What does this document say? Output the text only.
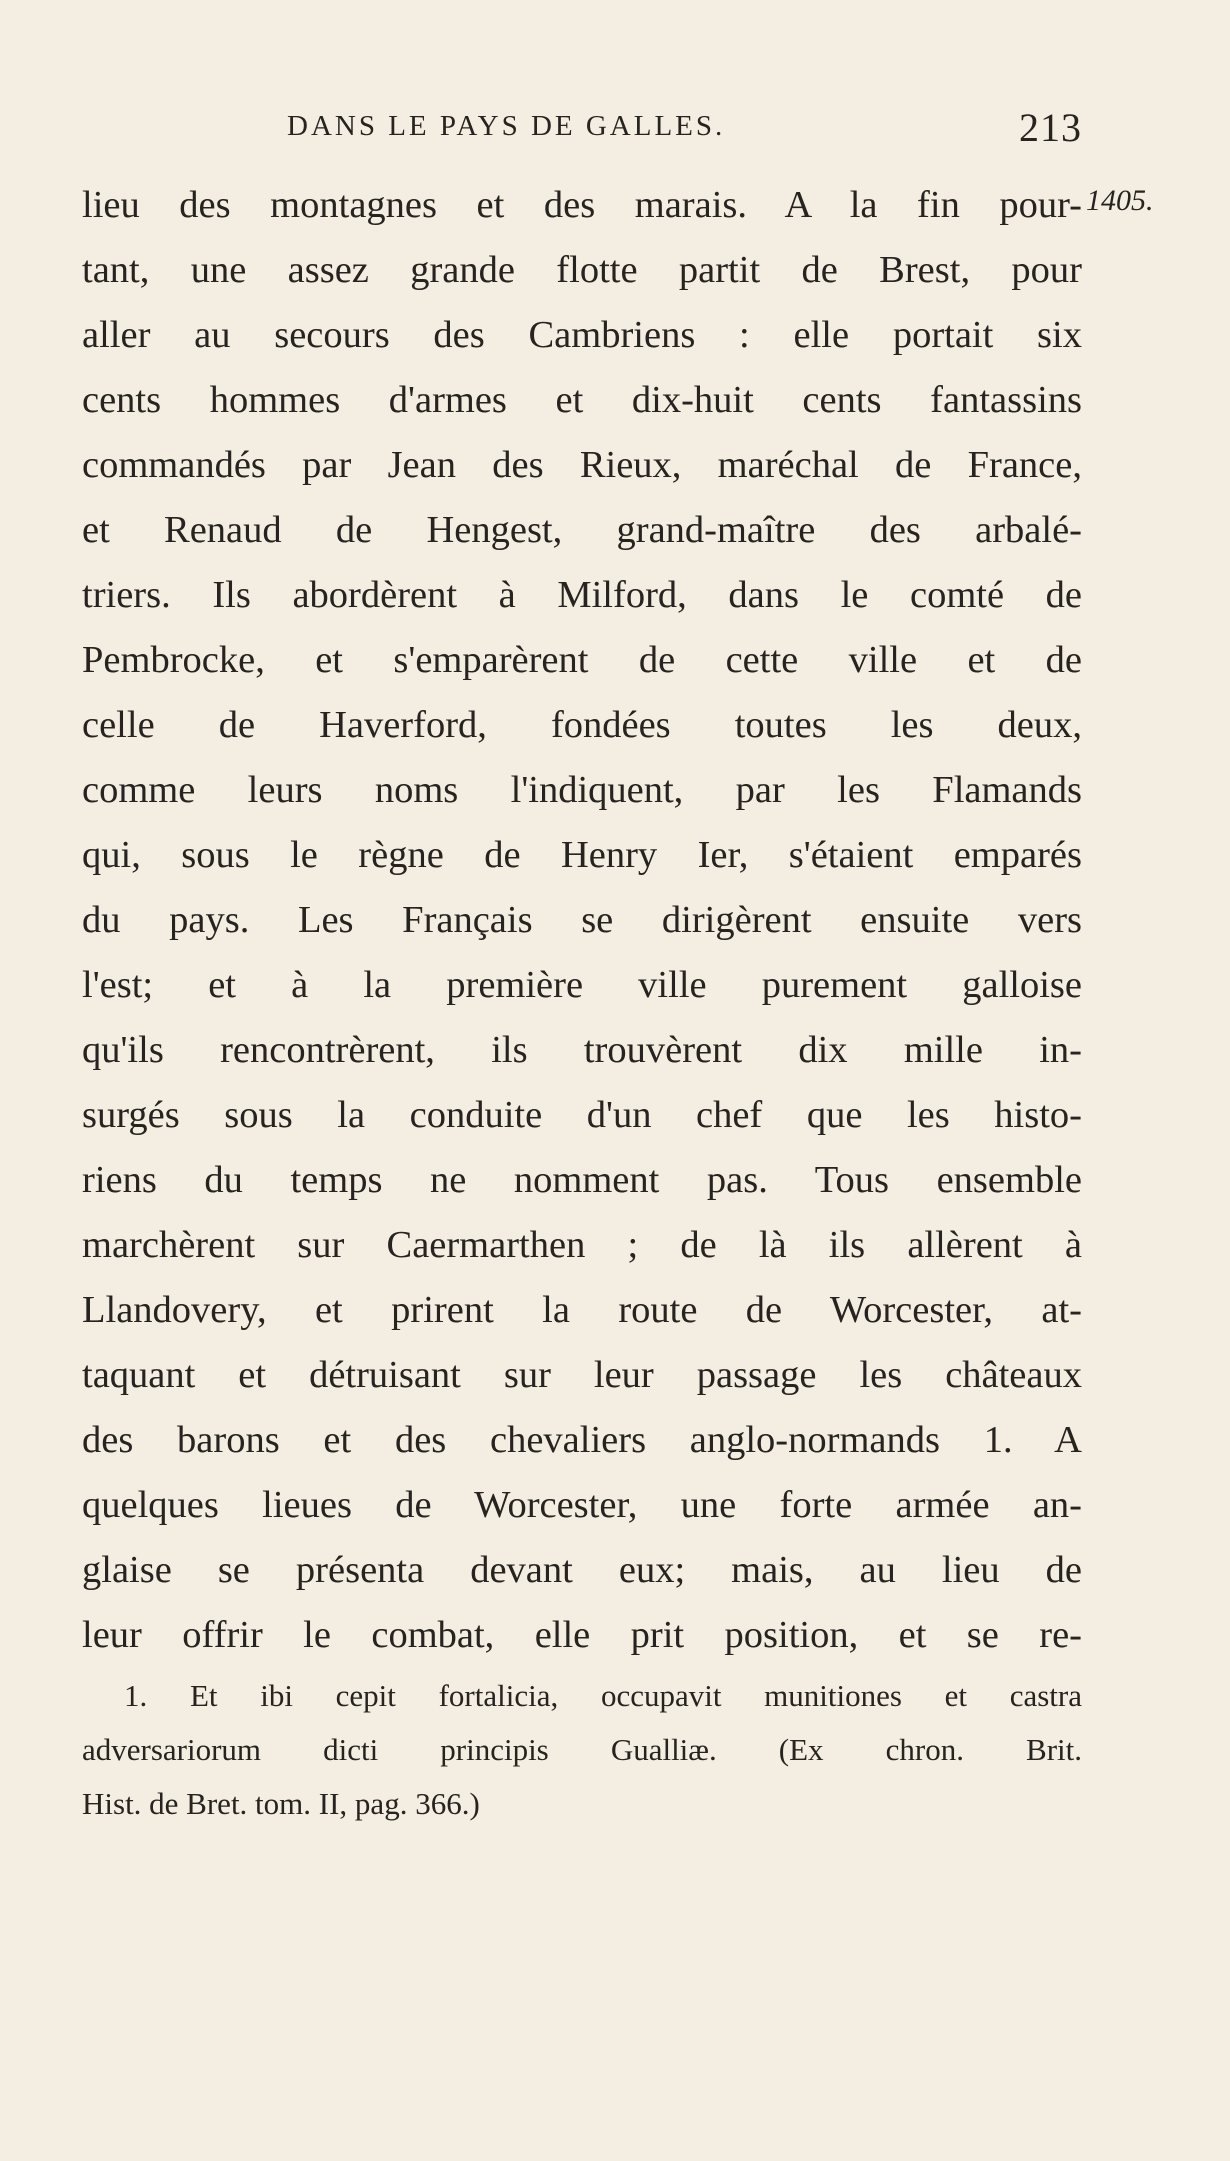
DANS LE PAYS DE GALLES.	213
1405.
lieu des montagnes et des marais. A la fin pour-
tant, une assez grande flotte partit de Brest, pour
aller au secours des Cambriens : elle portait six
cents hommes d'armes et dix-huit cents fantassins
commandés par Jean des Rieux, maréchal de France,
et Renaud de Hengest, grand-maître des arbalé-
triers. Ils abordèrent à Milford, dans le comté de
Pembrocke, et s'emparèrent de cette ville et de
celle de Haverford, fondées toutes les deux,
comme leurs noms l'indiquent, par les Flamands
qui, sous le règne de Henry Ier, s'étaient emparés
du pays. Les Français se dirigèrent ensuite vers
l'est; et à la première ville purement galloise
qu'ils rencontrèrent, ils trouvèrent dix mille in-
surgés sous la conduite d'un chef que les histo-
riens du temps ne nomment pas. Tous ensemble
marchèrent sur Caermarthen ; de là ils allèrent à
Llandovery, et prirent la route de Worcester, at-
taquant et détruisant sur leur passage les châteaux
des barons et des chevaliers anglo-normands 1. A
quelques lieues de Worcester, une forte armée an-
glaise se présenta devant eux; mais, au lieu de
leur offrir le combat, elle prit position, et se re-
1. Et ibi cepit fortalicia, occupavit munitiones et castra
adversariorum dicti principis Gualliæ. (Ex chron. Brit.
Hist. de Bret. tom. II, pag. 366.)
